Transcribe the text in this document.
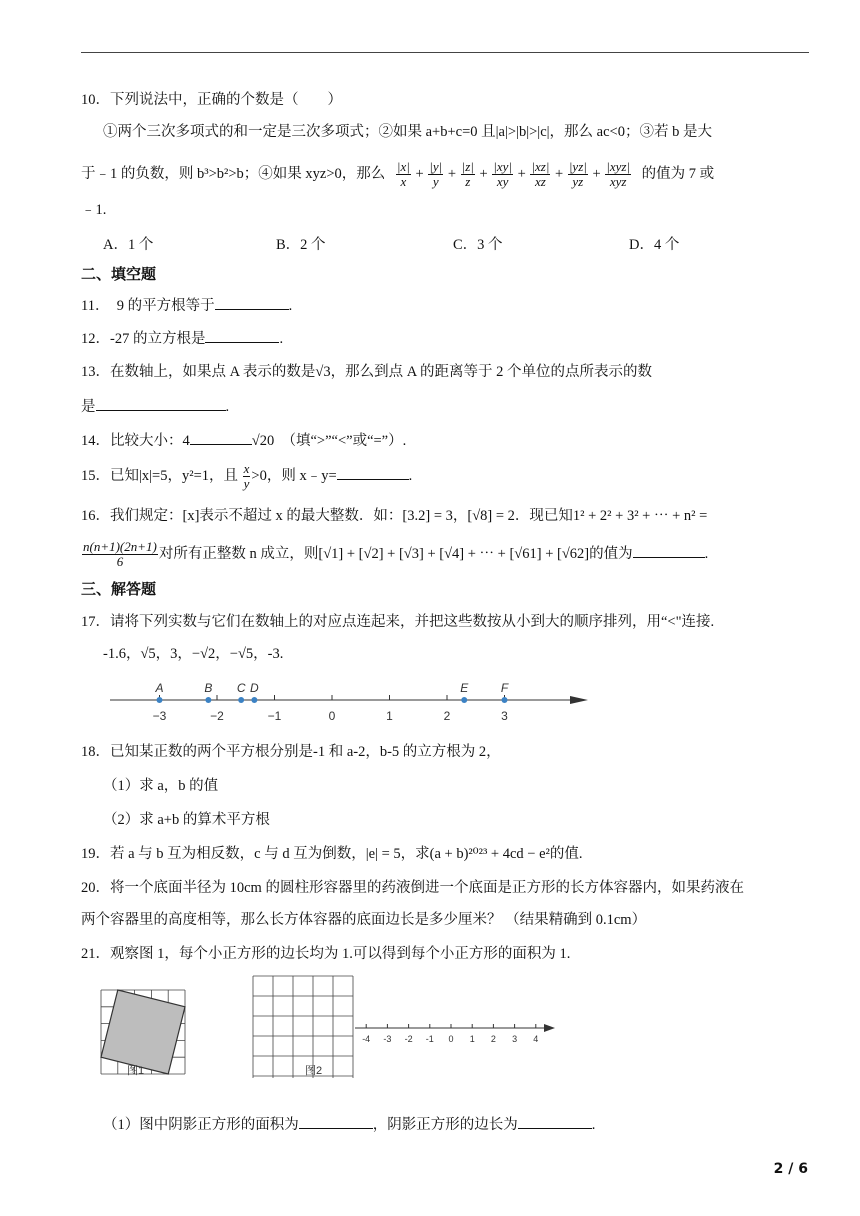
10．下列说法中，正确的个数是（　　）
①两个三次多项式的和一定是三次多项式；②如果 a+b+c=0 且|a|>|b|>|c|，那么 ac<0；③若 b 是大
于﹣1 的负数，则 b³>b²>b；④如果 xyz>0，那么 $\frac{|x|}{x} + \frac{|y|}{y} + \frac{|z|}{z} + \frac{|xy|}{xy} + \frac{|xz|}{xz} + \frac{|yz|}{yz} + \frac{\text{|xyz|}}{\text{xyz}}$ 的值为 7 或
﹣1.
A．1 个	B．2 个	C．3 个	D．4 个
二、填空题
11．　9 的平方根等于	.
12．-27 的立方根是	.
13．在数轴上，如果点 A 表示的数是√3，那么到点 A 的距离等于 2 个单位的点所表示的数
是	.
14．比较大小：4	√20 （填“>”“<”或“=”）.
15．已知|x|=5，y²=1，且 $\frac{x}{y} >0$，则 x﹣y=	.
16．我们规定：[x]表示不超过 x 的最大整数．如：[3.2] = 3，[√8] = 2．现已知1² + 2² + 3² + ⋯ + n² =
$\frac{n(n+1)(2n+1)}{6}$ 对所有正整数 n 成立，则[√1] + [√2] + [√3] + [√4] + ⋯ + [√61] + [√62]的值为	.
三、解答题
17．请将下列实数与它们在数轴上的对应点连起来，并把这些数按从小到大的顺序排列，用“<"连接.
-1.6，√5，3，−√2，−√5，-3.
−3	−2	−1	0	1	2	3
A	B C D	E	F
18．已知某正数的两个平方根分别是-1 和 a-2，b-5 的立方根为 2，
（1）求 a，b 的值
（2）求 a+b 的算术平方根
19．若 a 与 b 互为相反数，c 与 d 互为倒数，|e| = 5，求(a + b)²⁰²³ + 4cd − e²的值.
20．将一个底面半径为 10cm 的圆柱形容器里的药液倒进一个底面是正方形的长方体容器内，如果药液在
两个容器里的高度相等，那么长方体容器的底面边长是多少厘米？ （结果精确到 0.1cm）
21．观察图 1，每个小正方形的边长均为 1.可以得到每个小正方形的面积为 1.
图1	图2
-4 -3 -2 -1 0 1 2 3 4
（1）图中阴影正方形的面积为	，阴影正方形的边长为	.
2 / 6
